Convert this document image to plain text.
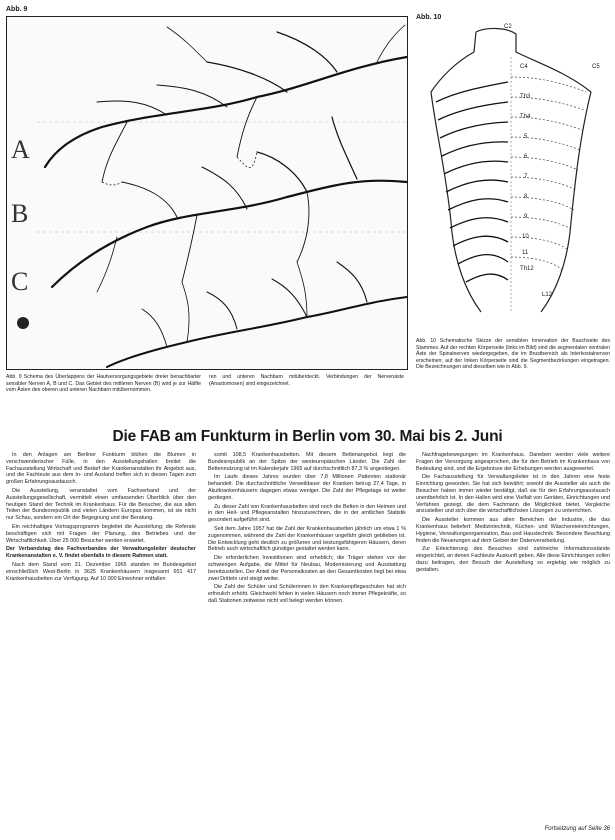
Abb. 9
A
B
C
Abb. 9 Schema des Überlappens der Hautversorgungsgebiete dreier benachbarter sensibler Nerven A, B und C. Das Gebiet des mittleren Nerven (B) wird je zur Hälfte vom Ästen des oberen und unteren Nachbarn mitübernommen.
ren und unteren Nachbarn mitüberdeckt. Verbindungen der Nervenäste (Anastomosen) sind eingezeichnet.
Abb. 10
C2
C4	C5
Th3
Th4
5
6
7
8
9
10
11
Th12
L12
Abb. 10 Schematische Skizze der sensiblen Innervation der Bauchseite des Stammes. Auf der rechten Körperseite (links im Bild) sind die segmentalen ventralen Äste der Spinalnerven wiedergegeben, die im Brustbereich als Interkostalnerven erscheinen; auf der linken Körperseite sind die Segmentbezirkungen eingetragen. Die Bezeichnungen sind dieselben wie in Abb. 9.
Die FAB am Funkturm in Berlin vom 30. Mai bis 2. Juni

In den Anlagen am Berliner Funkturm blühen die Blumen in verschwenderischer Fülle, in den Ausstellungshallen breitet die Fachausstellung Wirtschaft und Bedarf der Krankenanstalten ihr Angebot aus, und die Fachleute aus dem In- und Ausland treffen sich in diesen Tagen zum großen Erfahrungsaustausch.

Die Ausstellung, veranstaltet vom Fachverband und der Ausstellungsgesellschaft, vermittelt einen umfassenden Überblick über den heutigen Stand der Technik im Krankenhaus. Für die Besucher, die aus allen Teilen der Bundesrepublik und vielen Ländern Europas kommen, ist sie nicht nur Schau, sondern ein Ort der Begegnung und der Beratung.

Ein reichhaltiges Vortragsprogramm begleitet die Ausstellung; die Referate beschäftigen sich mit Fragen der Planung, des Betriebes und der Wirtschaftlichkeit. Über 25 000 Besucher werden erwartet.

Der Verbandstag des Fachverbandes der Verwaltungsleiter deutscher Krankenanstalten e. V. findet ebenfalls in diesem Rahmen statt.

Nach dem Stand vom 31. Dezember 1965 standen im Bundesgebiet einschließlich West-Berlin in 3625 Krankenhäusern insgesamt 651 417 Krankenhausbetten zur Verfügung. Auf 10 000 Einwohner entfallen

somit 108,5 Krankenhausbetten. Mit diesem Bettenangebot liegt die Bundesrepublik an der Spitze der westeuropäischen Länder. Die Zahl der Bettennutzung ist im Kalenderjahr 1965 auf durchschnittlich 87,3 % angestiegen.

Im Laufe dieses Jahres wurden über 7,8 Millionen Patienten stationär behandelt. Die durchschnittliche Verweildauer der Kranken betrug 27,4 Tage, in Akutkrankenhäusern dagegen etwas weniger. Die Zahl der Pflegetage ist weiter gestiegen.

Zu dieser Zahl von Krankenhausbetten sind noch die Betten in den Heimen und in den Heil- und Pflegeanstalten hinzuzurechnen, die in der amtlichen Statistik gesondert aufgeführt sind.

Seit dem Jahre 1957 hat die Zahl der Krankenhausbetten jährlich um etwa 1 % zugenommen, während die Zahl der Krankenhäuser ungefähr gleich geblieben ist. Die Entwicklung geht deutlich zu größeren und leistungsfähigeren Häusern, deren Betrieb auch wirtschaftlich günstiger gestaltet werden kann.

Die erforderlichen Investitionen sind erheblich; die Träger stehen vor der schwierigen Aufgabe, die Mittel für Neubau, Modernisierung und Ausstattung bereitzustellen. Der Anteil der Personalkosten an den Gesamtkosten liegt bei etwa zwei Dritteln und steigt weiter.

Die Zahl der Schüler und Schülerinnen in den Krankenpflegeschulen hat sich erfreulich erhöht. Gleichwohl fehlen in vielen Häusern noch immer Pflegekräfte, so daß Stationen zeitweise nicht voll belegt werden können.

Nachfragebewegungen im Krankenhaus. Daneben werden viele weitere Fragen der Versorgung angesprochen, die für den Betrieb im Krankenhaus von Bedeutung sind, und die Ergebnisse der Erhebungen werden ausgewertet.

Die Fachausstellung für Verwaltungsleiter ist in den Jahren eine feste Einrichtung geworden. Sie hat sich bewährt; sowohl die Aussteller als auch die Besucher haben immer wieder bestätigt, daß sie für den Erfahrungsaustausch unentbehrlich ist. In den Hallen wird eine Vielfalt von Geräten, Einrichtungen und Verfahren gezeigt, die dem Fachmann die Möglichkeit bietet, Vergleiche anzustellen und sich über die wirtschaftlichsten Lösungen zu unterrichten.

Die Aussteller kommen aus allen Bereichen der Industrie, die das Krankenhaus beliefert: Medizintechnik, Küchen- und Wäschereieinrichtungen, Hygiene, Verwaltungsorganisation, Bau und Haustechnik. Besondere Beachtung finden die Neuerungen auf dem Gebiet der Datenverarbeitung.

Zur Erleichterung des Besuches sind zahlreiche Informationsstände eingerichtet, an denen Fachleute Auskunft geben. Alle diese Einrichtungen sollen dazu beitragen, den Besuch der Ausstellung so ergiebig wie möglich zu gestalten.

Fortsetzung auf Seite 36
